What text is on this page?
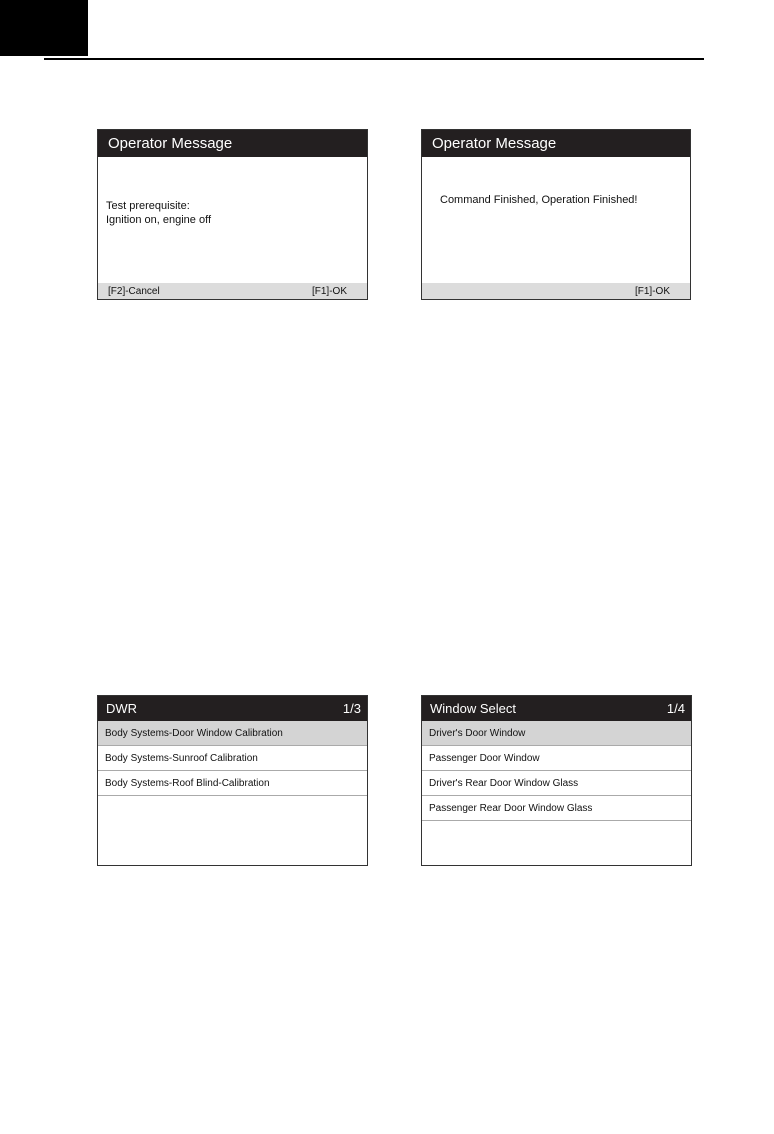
Operator Message
Test prerequisite:
Ignition on, engine off
[F2]-Cancel	[F1]-OK
Operator Message
Command Finished, Operation Finished!
[F1]-OK
DWR	1/3
Body Systems-Door Window Calibration
Body Systems-Sunroof Calibration
Body Systems-Roof Blind-Calibration
Window Select	1/4
Driver's Door Window
Passenger Door Window
Driver's Rear Door Window Glass
Passenger Rear Door Window Glass
